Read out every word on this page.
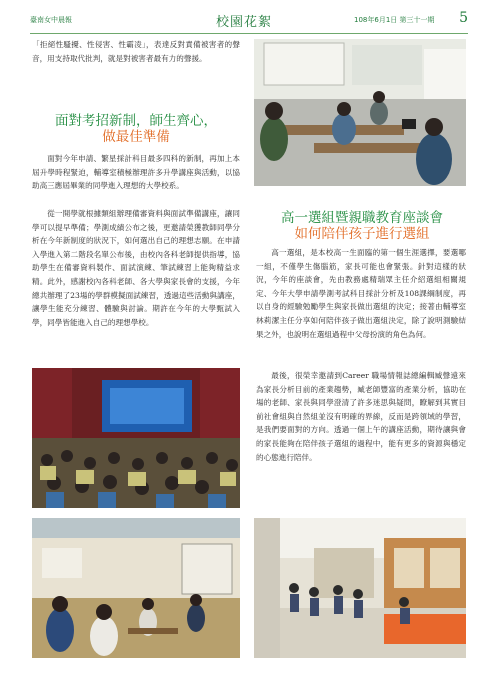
臺南女中晨報	校園花絮	108年6月1日 第三十一期 5

「拒絕性騷擾、性侵害、性霸凌」，表達反對責備被害者的聲音，用支持取代批判，就是對被害者最有力的聲援。

面對考招新制，師生齊心，
做最佳準備

面對今年申請、繁星採計科目最多四科的新制，再加上本屆升學時程緊迫，輔導室積極辦理許多升學講座與活動，以協助高三應屆畢業的同學進入理想的大學校系。

從一開學就根據類組辦理備審資料與面試準備講座，讓同學可以提早準備；學測成績公布之後，更邀請榮獲教師同學分析在今年新制度的狀況下，如何選出自己的理想志願。在申請入學進入第二階段名單公布後，由校內各科老師提供指導，協助學生在備審資料製作、面試演練、筆試練習上能夠精益求精。此外，感謝校內各科老師、各大學與家長會的支援，今年總共辦理了23場的學群模擬面試練習，透過這些活動與講座，讓學生能充分練習、體驗與討論。期許在今年的大學甄試入學，同學皆能進入自己的理想學校。

高一選組暨親職教育座談會
如何陪伴孩子進行選組

高一選組，是本校高一生面臨的第一個生涯選擇，要選哪一組，不僅學生傷腦筋，家長可能也會緊張。針對這樣的狀況，今年的座談會，先由教務處精瑞眾主任介紹選組相關規定、今年大學申請學測考試科目採計分析及108課綱制度，再以自身的經驗勉勵學生與家長做出選組的決定；接著由輔導室林莉潔主任分享如何陪伴孩子做出選組決定，除了說明測驗結果之外，也說明在選組過程中父母扮演的角色為何。

最後，很榮幸邀請到Career 職場情報誌總編輯臧聲遠來為家長分析目前的產業趨勢，臧老師豐富的產業分析，協助在場的老師、家長與同學澄清了許多迷思與疑問，瞭解到其實目前社會組與自然組並沒有明確的界線，反而是跨領域的學習，是我們要面對的方向。透過一個上午的講座活動，期待讓與會的家長能夠在陪伴孩子選組的過程中，能有更多的資源與穩定的心態進行陪伴。
